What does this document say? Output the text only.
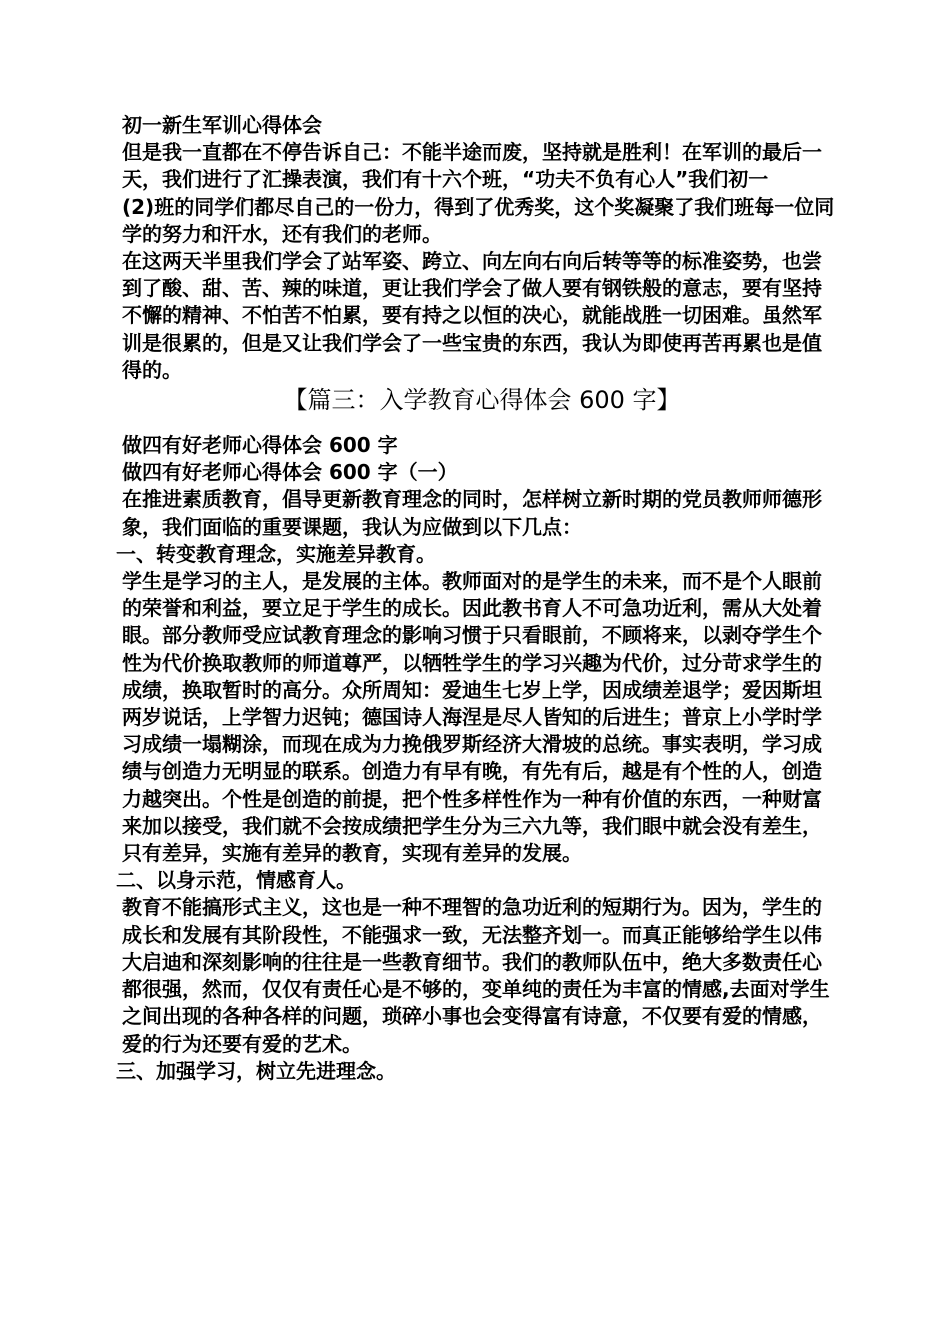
初一新生军训心得体会

但是我一直都在不停告诉自己：不能半途而废，坚持就是胜利！在军训的最后一天，我们进行了汇操表演，我们有十六个班，“功夫不负有心人”我们初一

(2)班的同学们都尽自己的一份力，得到了优秀奖，这个奖凝聚了我们班每一位同学的努力和汗水，还有我们的老师。

在这两天半里我们学会了站军姿、跨立、向左向右向后转等等的标准姿势，也尝到了酸、甜、苦、辣的味道，更让我们学会了做人要有钢铁般的意志，要有坚持不懈的精神、不怕苦不怕累，要有持之以恒的决心，就能战胜一切困难。虽然军训是很累的，但是又让我们学会了一些宝贵的东西，我认为即使再苦再累也是值得的。

【篇三：入学教育心得体会 600 字】

做四有好老师心得体会 600 字

做四有好老师心得体会 600 字（一）

在推进素质教育，倡导更新教育理念的同时，怎样树立新时期的党员教师师德形象，我们面临的重要课题，我认为应做到以下几点：

一、转变教育理念，实施差异教育。

学生是学习的主人，是发展的主体。教师面对的是学生的未来，而不是个人眼前的荣誉和利益，要立足于学生的成长。因此教书育人不可急功近利，需从大处着眼。部分教师受应试教育理念的影响习惯于只看眼前，不顾将来，以剥夺学生个性为代价换取教师的师道尊严，以牺牲学生的学习兴趣为代价，过分苛求学生的成绩，换取暂时的高分。众所周知：爱迪生七岁上学，因成绩差退学；爱因斯坦两岁说话，上学智力迟钝；德国诗人海涅是尽人皆知的后进生；普京上小学时学习成绩一塌糊涂，而现在成为力挽俄罗斯经济大滑坡的总统。事实表明，学习成绩与创造力无明显的联系。创造力有早有晚，有先有后，越是有个性的人，创造力越突出。个性是创造的前提，把个性多样性作为一种有价值的东西，一种财富来加以接受，我们就不会按成绩把学生分为三六九等，我们眼中就会没有差生，只有差异，实施有差异的教育，实现有差异的发展。

二、以身示范，情感育人。

教育不能搞形式主义，这也是一种不理智的急功近利的短期行为。因为，学生的成长和发展有其阶段性，不能强求一致，无法整齐划一。而真正能够给学生以伟大启迪和深刻影响的往往是一些教育细节。我们的教师队伍中，绝大多数责任心都很强，然而，仅仅有责任心是不够的，变单纯的责任为丰富的情感,去面对学生之间出现的各种各样的问题，琐碎小事也会变得富有诗意，不仅要有爱的情感，爱的行为还要有爱的艺术。

三、加强学习，树立先进理念。
